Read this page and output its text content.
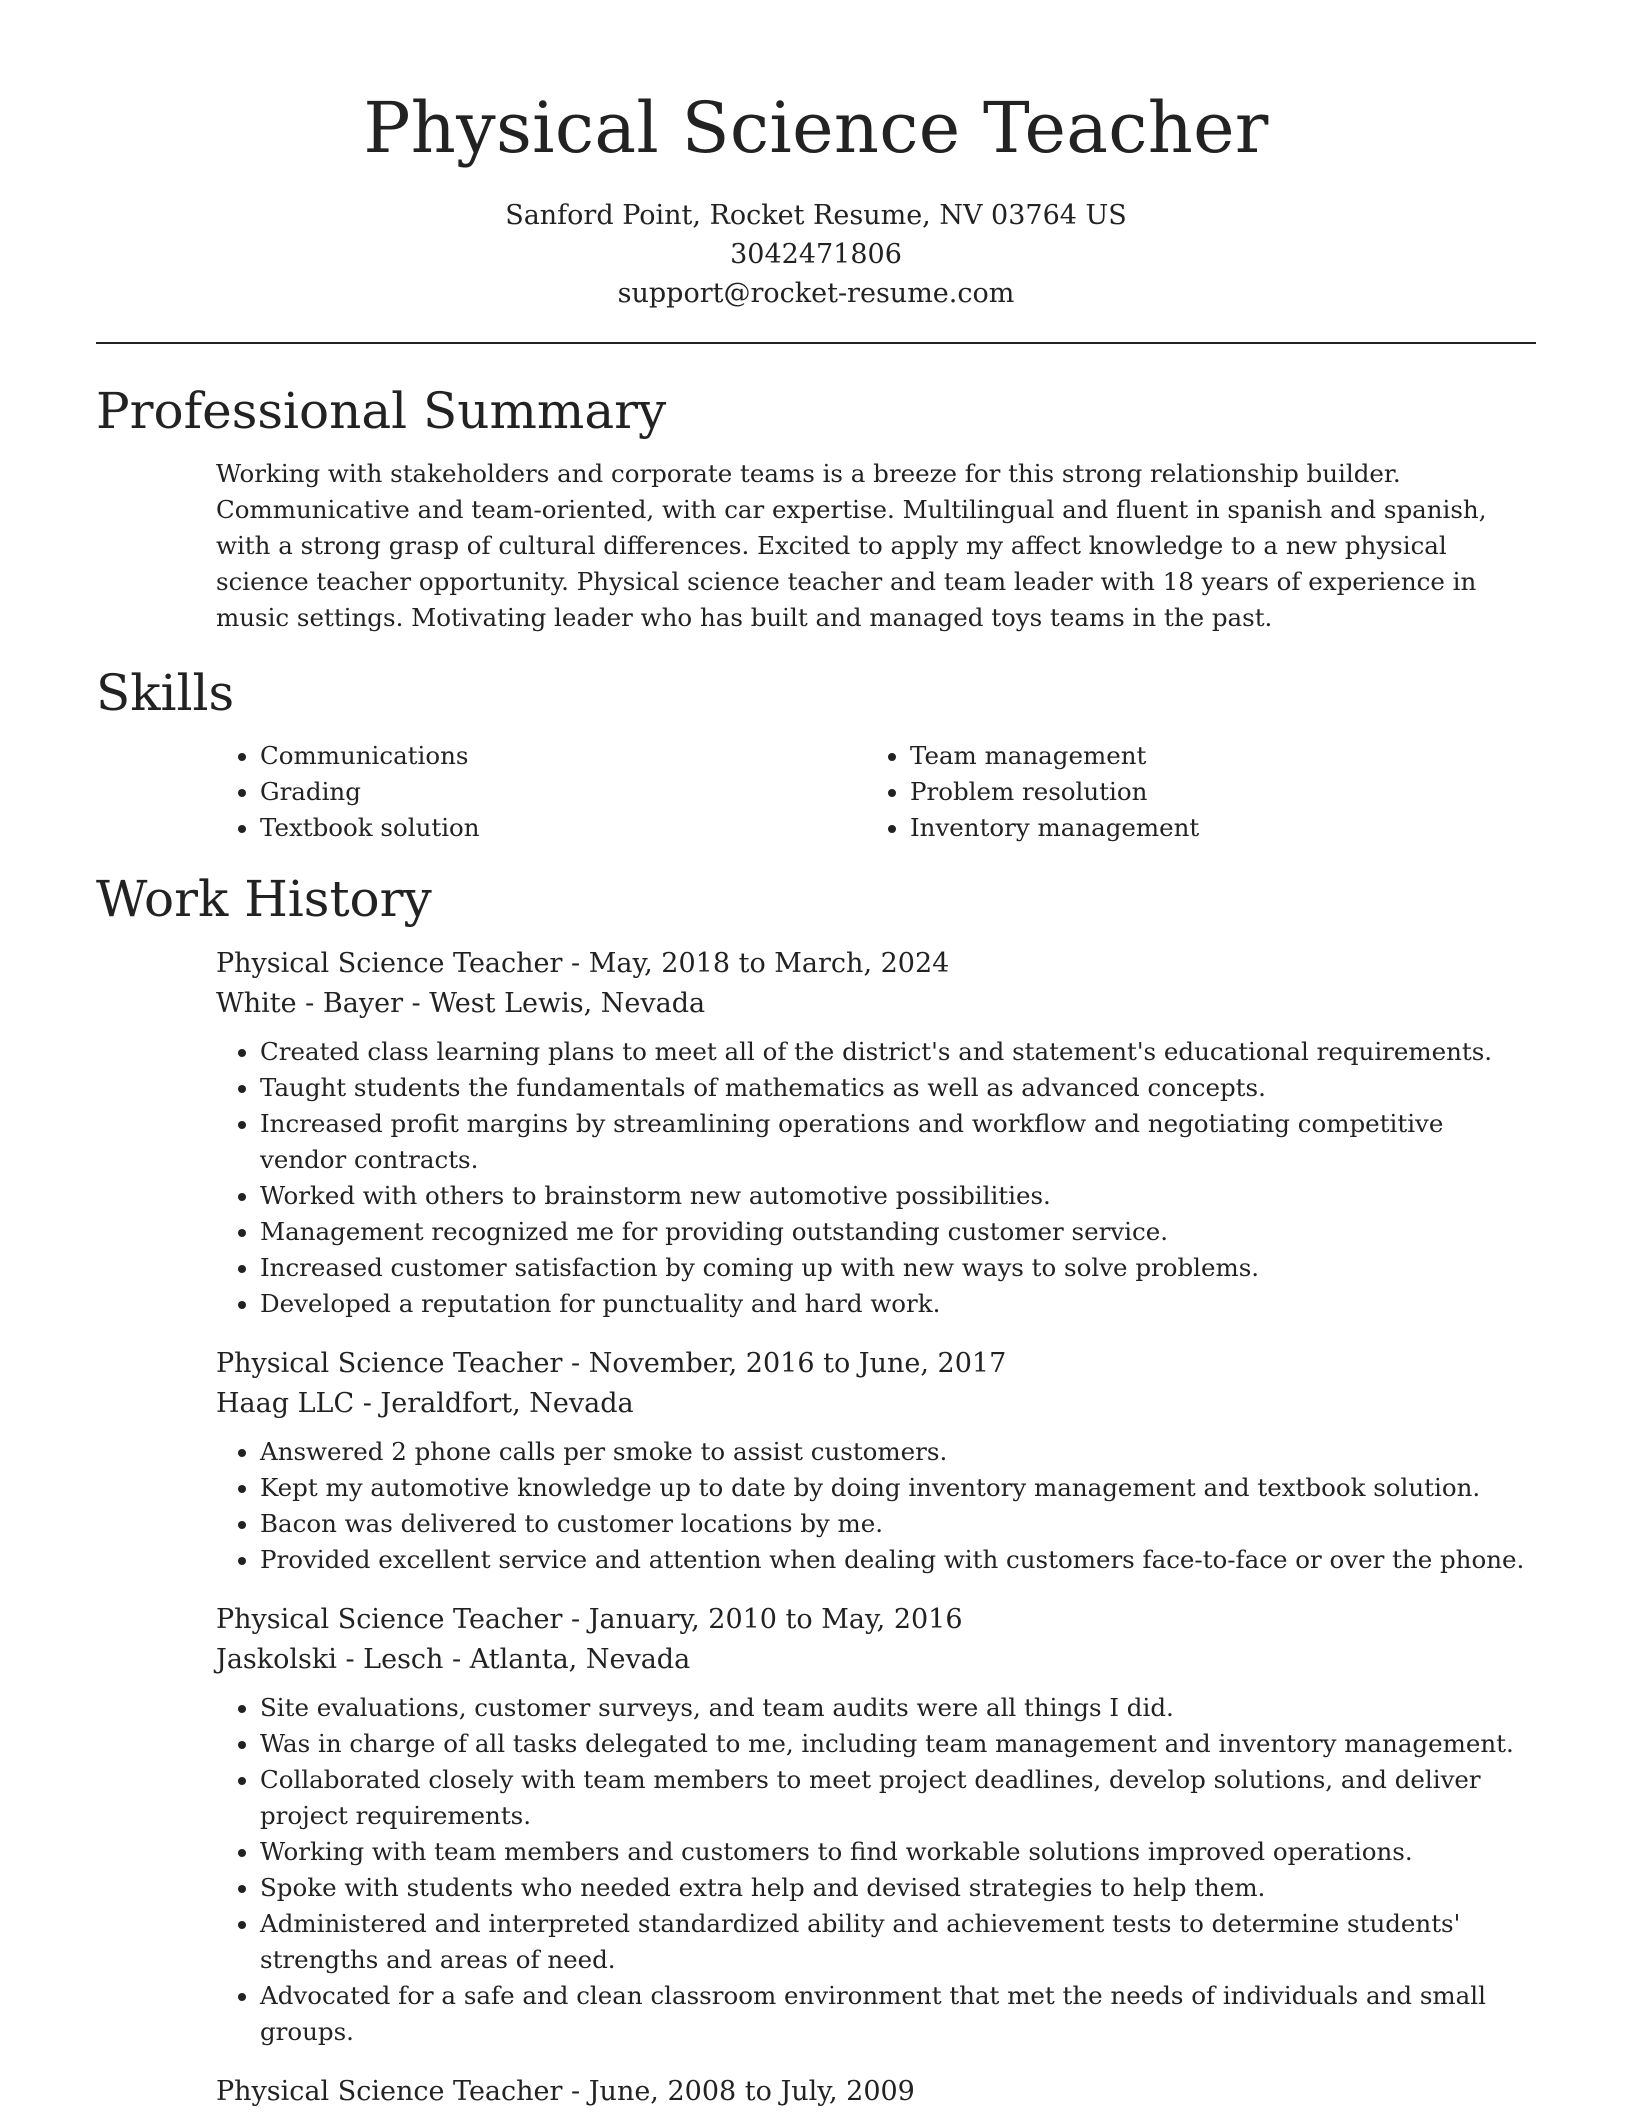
Physical Science Teacher

Sanford Point, Rocket Resume, NV 03764 US

3042471806

support@rocket-resume.com

Professional Summary

Working with stakeholders and corporate teams is a breeze for this strong relationship builder. Communicative and team-oriented, with car expertise. Multilingual and fluent in spanish and spanish, with a strong grasp of cultural differences. Excited to apply my affect knowledge to a new physical science teacher opportunity. Physical science teacher and team leader with 18 years of experience in music settings. Motivating leader who has built and managed toys teams in the past.

Skills
• Communications
• Grading
• Textbook solution
• Team management
• Problem resolution
• Inventory management
Work History

Physical Science Teacher - May, 2018 to March, 2024

White - Bayer - West Lewis, Nevada

• Created class learning plans to meet all of the district's and statement's educational requirements.
• Taught students the fundamentals of mathematics as well as advanced concepts.
• Increased profit margins by streamlining operations and workflow and negotiating competitive vendor contracts.
• Worked with others to brainstorm new automotive possibilities.
• Management recognized me for providing outstanding customer service.
• Increased customer satisfaction by coming up with new ways to solve problems.
• Developed a reputation for punctuality and hard work.

Physical Science Teacher - November, 2016 to June, 2017

Haag LLC - Jeraldfort, Nevada

• Answered 2 phone calls per smoke to assist customers.
• Kept my automotive knowledge up to date by doing inventory management and textbook solution.
• Bacon was delivered to customer locations by me.
• Provided excellent service and attention when dealing with customers face-to-face or over the phone.

Physical Science Teacher - January, 2010 to May, 2016

Jaskolski - Lesch - Atlanta, Nevada

• Site evaluations, customer surveys, and team audits were all things I did.
• Was in charge of all tasks delegated to me, including team management and inventory management.
• Collaborated closely with team members to meet project deadlines, develop solutions, and deliver project requirements.
• Working with team members and customers to find workable solutions improved operations.
• Spoke with students who needed extra help and devised strategies to help them.
• Administered and interpreted standardized ability and achievement tests to determine students' strengths and areas of need.
• Advocated for a safe and clean classroom environment that met the needs of individuals and small groups.

Physical Science Teacher - June, 2008 to July, 2009
